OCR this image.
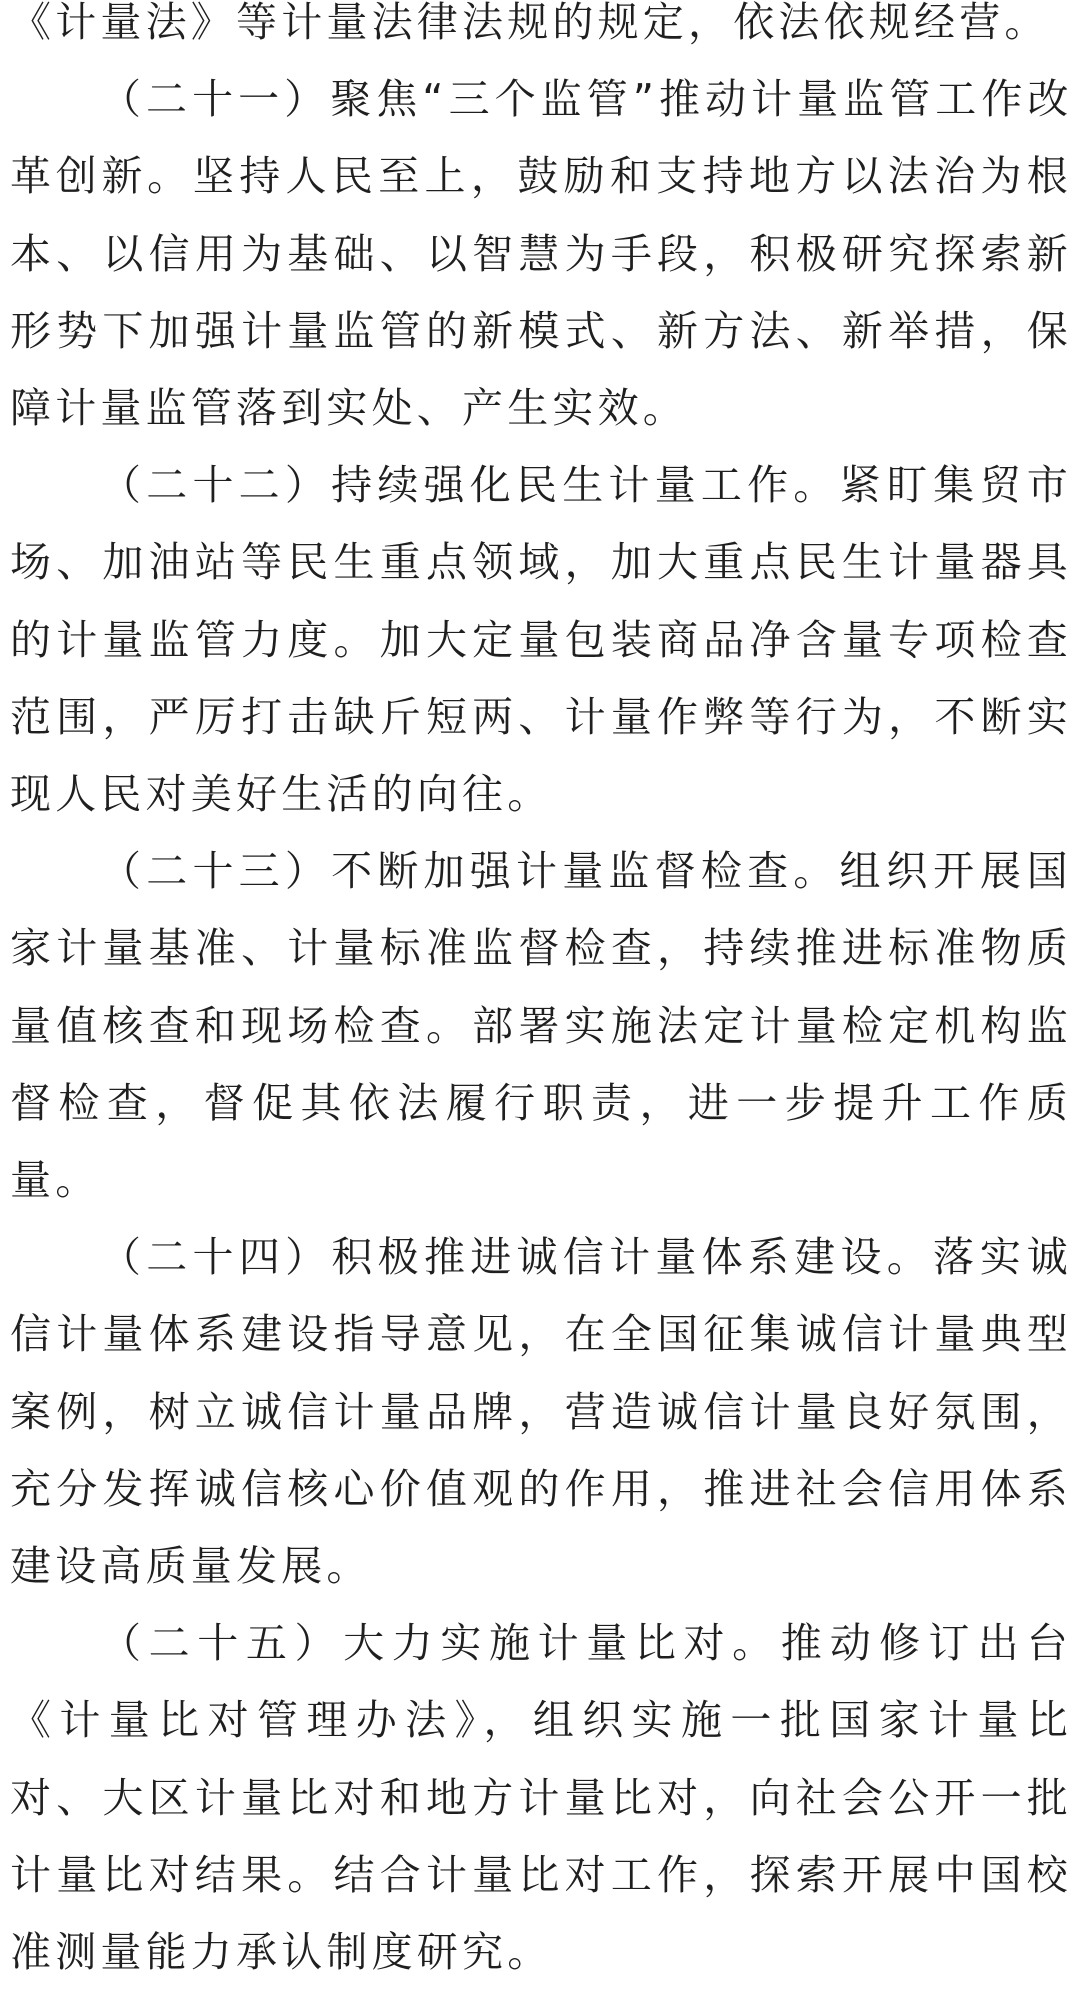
《计量法》等计量法律法规的规定，依法依规经营。

（二十一）聚焦“三个监管”推动计量监管工作改革创新。坚持人民至上，鼓励和支持地方以法治为根本、以信用为基础、以智慧为手段，积极研究探索新形势下加强计量监管的新模式、新方法、新举措，保障计量监管落到实处、产生实效。

（二十二）持续强化民生计量工作。紧盯集贸市场、加油站等民生重点领域，加大重点民生计量器具的计量监管力度。加大定量包装商品净含量专项检查范围，严厉打击缺斤短两、计量作弊等行为，不断实现人民对美好生活的向往。

（二十三）不断加强计量监督检查。组织开展国家计量基准、计量标准监督检查，持续推进标准物质量值核查和现场检查。部署实施法定计量检定机构监督检查，督促其依法履行职责，进一步提升工作质量。

（二十四）积极推进诚信计量体系建设。落实诚信计量体系建设指导意见，在全国征集诚信计量典型案例，树立诚信计量品牌，营造诚信计量良好氛围，充分发挥诚信核心价值观的作用，推进社会信用体系建设高质量发展。

（二十五）大力实施计量比对。推动修订出台《计量比对管理办法》，组织实施一批国家计量比对、大区计量比对和地方计量比对，向社会公开一批计量比对结果。结合计量比对工作，探索开展中国校准测量能力承认制度研究。
